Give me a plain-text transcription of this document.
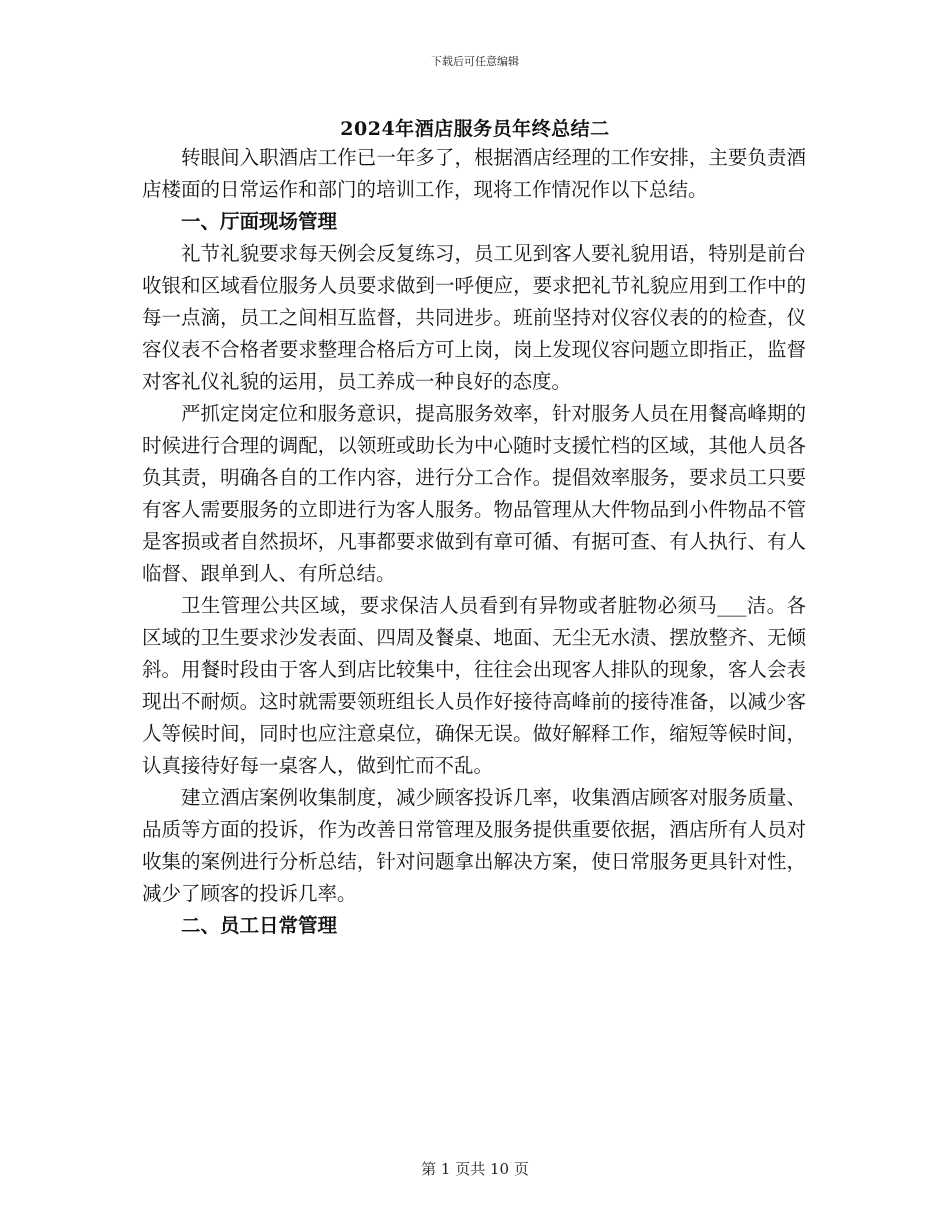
下载后可任意编辑
2024年酒店服务员年终总结二

转眼间入职酒店工作已一年多了，根据酒店经理的工作安排，主要负责酒店楼面的日常运作和部门的培训工作，现将工作情况作以下总结。

一、厅面现场管理

礼节礼貌要求每天例会反复练习，员工见到客人要礼貌用语，特别是前台收银和区域看位服务人员要求做到一呼便应，要求把礼节礼貌应用到工作中的每一点滴，员工之间相互监督，共同进步。班前坚持对仪容仪表的的检查，仪容仪表不合格者要求整理合格后方可上岗，岗上发现仪容问题立即指正，监督对客礼仪礼貌的运用，员工养成一种良好的态度。

严抓定岗定位和服务意识，提高服务效率，针对服务人员在用餐高峰期的时候进行合理的调配，以领班或助长为中心随时支援忙档的区域，其他人员各负其责，明确各自的工作内容，进行分工合作。提倡效率服务，要求员工只要有客人需要服务的立即进行为客人服务。物品管理从大件物品到小件物品不管是客损或者自然损坏，凡事都要求做到有章可循、有据可查、有人执行、有人临督、跟单到人、有所总结。

卫生管理公共区域，要求保洁人员看到有异物或者脏物必须马___洁。各区域的卫生要求沙发表面、四周及餐桌、地面、无尘无水渍、摆放整齐、无倾斜。用餐时段由于客人到店比较集中，往往会出现客人排队的现象，客人会表现出不耐烦。这时就需要领班组长人员作好接待高峰前的接待准备，以减少客人等候时间，同时也应注意桌位，确保无误。做好解释工作，缩短等候时间，认真接待好每一桌客人，做到忙而不乱。

建立酒店案例收集制度，减少顾客投诉几率，收集酒店顾客对服务质量、品质等方面的投诉，作为改善日常管理及服务提供重要依据，酒店所有人员对收集的案例进行分析总结，针对问题拿出解决方案，使日常服务更具针对性，减少了顾客的投诉几率。

二、员工日常管理
第 1 页共 10 页
